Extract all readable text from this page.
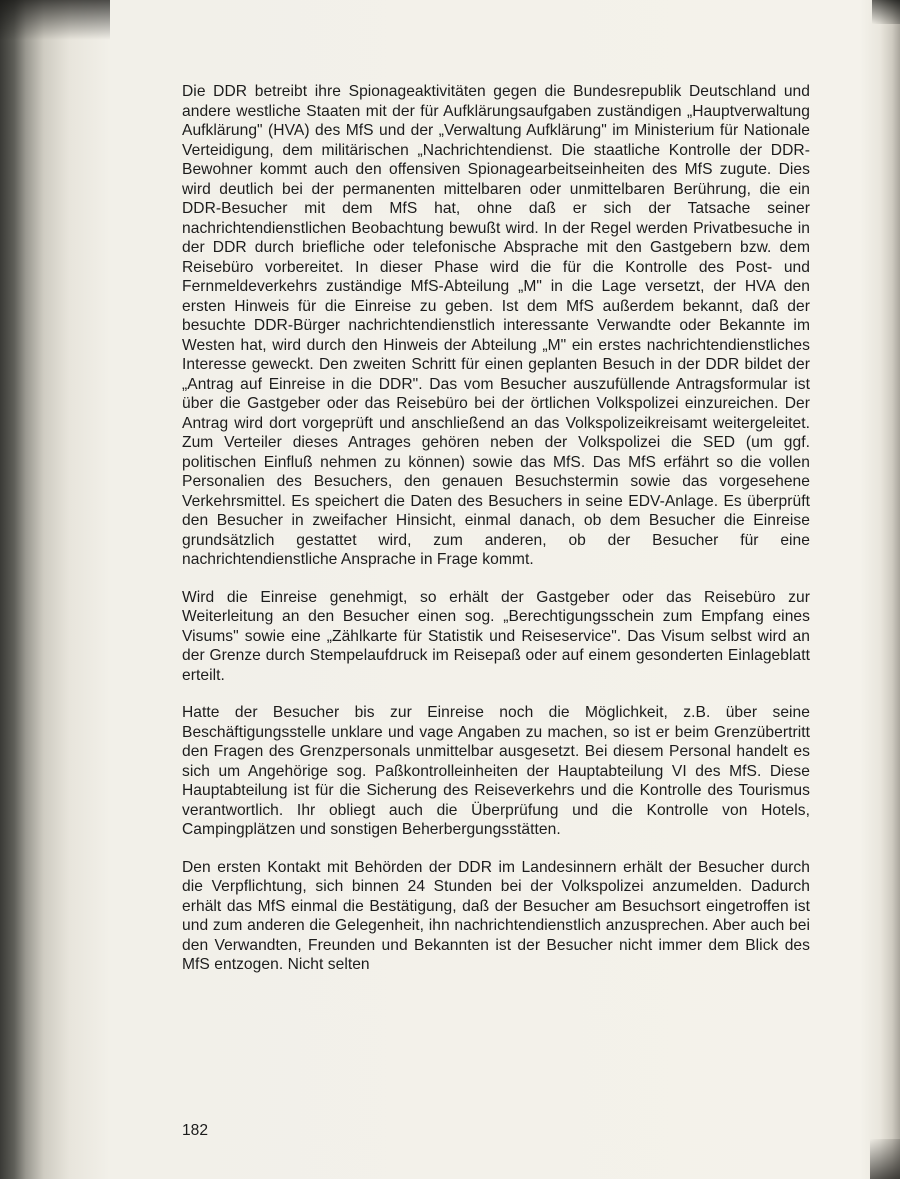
Die DDR betreibt ihre Spionageaktivitäten gegen die Bundesrepublik Deutschland und andere westliche Staaten mit der für Aufklärungsaufgaben zuständigen „Hauptverwaltung Aufklärung" (HVA) des MfS und der „Verwaltung Aufklärung" im Ministerium für Nationale Verteidigung, dem militärischen „Nachrichtendienst. Die staatliche Kontrolle der DDR-Bewohner kommt auch den offensiven Spionagearbeitseinheiten des MfS zugute. Dies wird deutlich bei der permanenten mittelbaren oder unmittelbaren Berührung, die ein DDR-Besucher mit dem MfS hat, ohne daß er sich der Tatsache seiner nachrichtendienstlichen Beobachtung bewußt wird. In der Regel werden Privatbesuche in der DDR durch briefliche oder telefonische Absprache mit den Gastgebern bzw. dem Reisebüro vorbereitet. In dieser Phase wird die für die Kontrolle des Post- und Fernmeldeverkehrs zuständige MfS-Abteilung „M" in die Lage versetzt, der HVA den ersten Hinweis für die Einreise zu geben. Ist dem MfS außerdem bekannt, daß der besuchte DDR-Bürger nachrichtendienstlich interessante Verwandte oder Bekannte im Westen hat, wird durch den Hinweis der Abteilung „M" ein erstes nachrichtendienstliches Interesse geweckt. Den zweiten Schritt für einen geplanten Besuch in der DDR bildet der „Antrag auf Einreise in die DDR". Das vom Besucher auszufüllende Antragsformular ist über die Gastgeber oder das Reisebüro bei der örtlichen Volkspolizei einzureichen. Der Antrag wird dort vorgeprüft und anschließend an das Volkspolizeikreisamt weitergeleitet. Zum Verteiler dieses Antrages gehören neben der Volkspolizei die SED (um ggf. politischen Einfluß nehmen zu können) sowie das MfS. Das MfS erfährt so die vollen Personalien des Besuchers, den genauen Besuchstermin sowie das vorgesehene Verkehrsmittel. Es speichert die Daten des Besuchers in seine EDV-Anlage. Es überprüft den Besucher in zweifacher Hinsicht, einmal danach, ob dem Besucher die Einreise grundsätzlich gestattet wird, zum anderen, ob der Besucher für eine nachrichtendienstliche Ansprache in Frage kommt.

Wird die Einreise genehmigt, so erhält der Gastgeber oder das Reisebüro zur Weiterleitung an den Besucher einen sog. „Berechtigungsschein zum Empfang eines Visums" sowie eine „Zählkarte für Statistik und Reiseservice". Das Visum selbst wird an der Grenze durch Stempelaufdruck im Reisepaß oder auf einem gesonderten Einlageblatt erteilt.

Hatte der Besucher bis zur Einreise noch die Möglichkeit, z.B. über seine Beschäftigungsstelle unklare und vage Angaben zu machen, so ist er beim Grenzübertritt den Fragen des Grenzpersonals unmittelbar ausgesetzt. Bei diesem Personal handelt es sich um Angehörige sog. Paßkontrolleinheiten der Hauptabteilung VI des MfS. Diese Hauptabteilung ist für die Sicherung des Reiseverkehrs und die Kontrolle des Tourismus verantwortlich. Ihr obliegt auch die Überprüfung und die Kontrolle von Hotels, Campingplätzen und sonstigen Beherbergungsstätten.

Den ersten Kontakt mit Behörden der DDR im Landesinnern erhält der Besucher durch die Verpflichtung, sich binnen 24 Stunden bei der Volkspolizei anzumelden. Dadurch erhält das MfS einmal die Bestätigung, daß der Besucher am Besuchsort eingetroffen ist und zum anderen die Gelegenheit, ihn nachrichtendienstlich anzusprechen. Aber auch bei den Verwandten, Freunden und Bekannten ist der Besucher nicht immer dem Blick des MfS entzogen. Nicht selten

182
